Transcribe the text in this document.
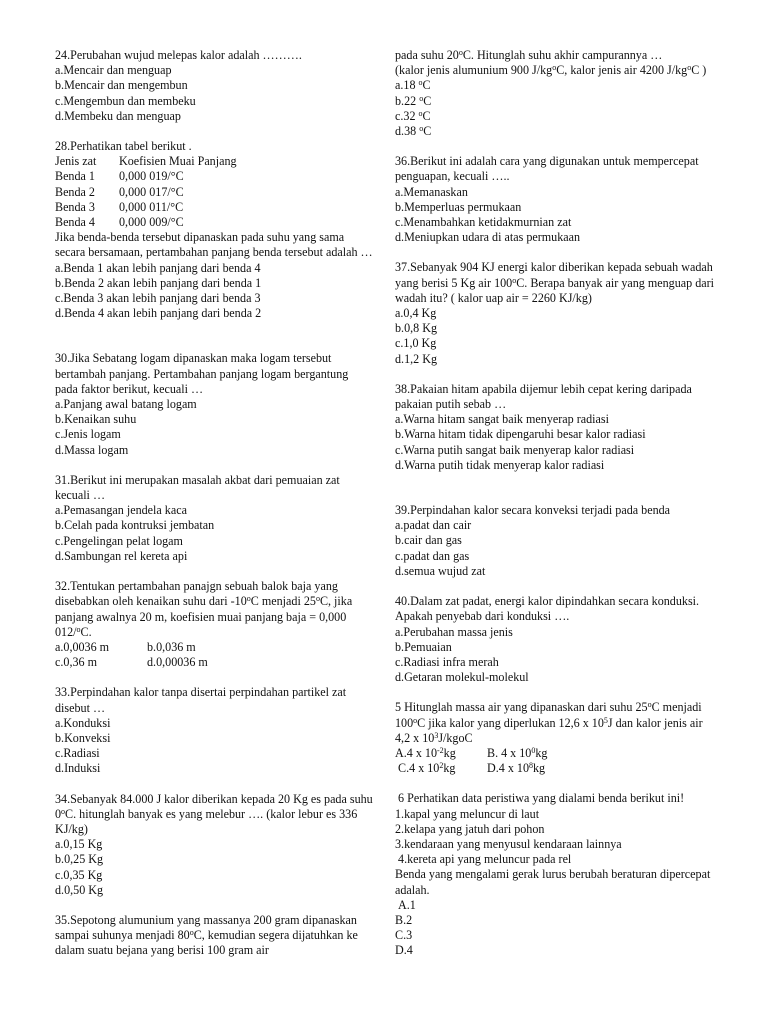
24.Perubahan wujud melepas kalor adalah ……….
a.Mencair dan menguap
b.Mencair dan mengembun
c.Mengembun dan membeku
d.Membeku dan menguap
28.Perhatikan tabel berikut .
Jenis zat	Koefisien Muai Panjang
Benda 1	0,000 019/°C
Benda 2	0,000 017/°C
Benda 3	0,000 011/°C
Benda 4	0,000 009/°C
Jika benda-benda tersebut dipanaskan pada suhu yang sama secara bersamaan, pertambahan panjang benda tersebut adalah …
a.Benda 1 akan lebih panjang dari benda 4
b.Benda 2 akan lebih panjang dari benda 1
c.Benda 3 akan lebih panjang dari benda 3
d.Benda 4 akan lebih panjang dari benda 2
30.Jika Sebatang logam dipanaskan maka logam tersebut bertambah panjang. Pertambahan panjang logam bergantung pada faktor berikut, kecuali …
a.Panjang awal batang logam
b.Kenaikan suhu
c.Jenis logam
d.Massa logam
31.Berikut ini merupakan masalah akbat dari pemuaian zat kecuali …
a.Pemasangan jendela kaca
b.Celah pada kontruksi jembatan
c.Pengelingan pelat logam
d.Sambungan rel kereta api
32.Tentukan pertambahan panajgn sebuah balok baja yang disebabkan oleh kenaikan suhu dari -10$^o$C menjadi 25$^o$C, jika panjang awalnya 20 m, koefisien muai panjang baja = 0,000 012/$^o$C.
a.0,0036 m	b.0,036 m
c.0,36 m	d.0,00036 m
33.Perpindahan kalor tanpa disertai perpindahan partikel zat disebut …
a.Konduksi
b.Konveksi
c.Radiasi
d.Induksi
34.Sebanyak 84.000 J kalor diberikan kepada 20 Kg es pada suhu 0$^o$C. hitunglah banyak es yang melebur …. (kalor lebur es 336 KJ/kg)
a.0,15 Kg
b.0,25 Kg
c.0,35 Kg
d.0,50 Kg
35.Sepotong alumunium yang massanya 200 gram dipanaskan sampai suhunya menjadi 80$^o$C, kemudian segera dijatuhkan ke dalam suatu bejana yang berisi 100 gram air
pada suhu 20$^o$C. Hitunglah suhu akhir campurannya …
(kalor jenis alumunium 900 $J/kg^oC$, kalor jenis air 4200 $J/kg^oC$ )
a.18 $^o$C
b.22 $^o$C
c.32 $^o$C
d.38 $^o$C
36.Berikut ini adalah cara yang digunakan untuk mempercepat penguapan, kecuali …..
a.Memanaskan
b.Memperluas permukaan
c.Menambahkan ketidakmurnian zat
d.Meniupkan udara di atas permukaan
37.Sebanyak 904 KJ energi kalor diberikan kepada sebuah wadah yang berisi 5 Kg air 100$^o$C. Berapa banyak air yang menguap dari wadah itu? ( kalor uap air = 2260 KJ/kg)
a.0,4 Kg
b.0,8 Kg
c.1,0 Kg
d.1,2 Kg
38.Pakaian hitam apabila dijemur lebih cepat kering daripada pakaian putih sebab …
a.Warna hitam sangat baik menyerap radiasi
b.Warna hitam tidak dipengaruhi besar kalor radiasi
c.Warna putih sangat baik menyerap kalor radiasi
d.Warna putih tidak menyerap kalor radiasi
39.Perpindahan kalor secara konveksi terjadi pada benda
a.padat dan cair
b.cair dan gas
c.padat dan gas
d.semua wujud zat
40.Dalam zat padat, energi kalor dipindahkan secara konduksi. Apakah penyebab dari konduksi ….
a.Perubahan massa jenis
b.Pemuaian
c.Radiasi infra merah
d.Getaran molekul-molekul
5 Hitunglah massa air yang dipanaskan dari suhu 25$^o$C menjadi 100$^o$C jika kalor yang diperlukan 12,6 x $10^5J$ dan kalor jenis air 4,2 x $10^3J$/kgoC
A.4 x $10^{-2}kg$	B. 4 x $10^0kg$
C.4 x $10^2kg$	D.4 x $10^8kg$
6 Perhatikan data peristiwa yang dialami benda berikut ini!
1.kapal yang meluncur di laut
2.kelapa yang jatuh dari pohon
3.kendaraan yang menyusul kendaraan lainnya
4.kereta api yang meluncur pada rel
Benda yang mengalami gerak lurus berubah beraturan dipercepat adalah.
A.1
B.2
C.3
D.4
